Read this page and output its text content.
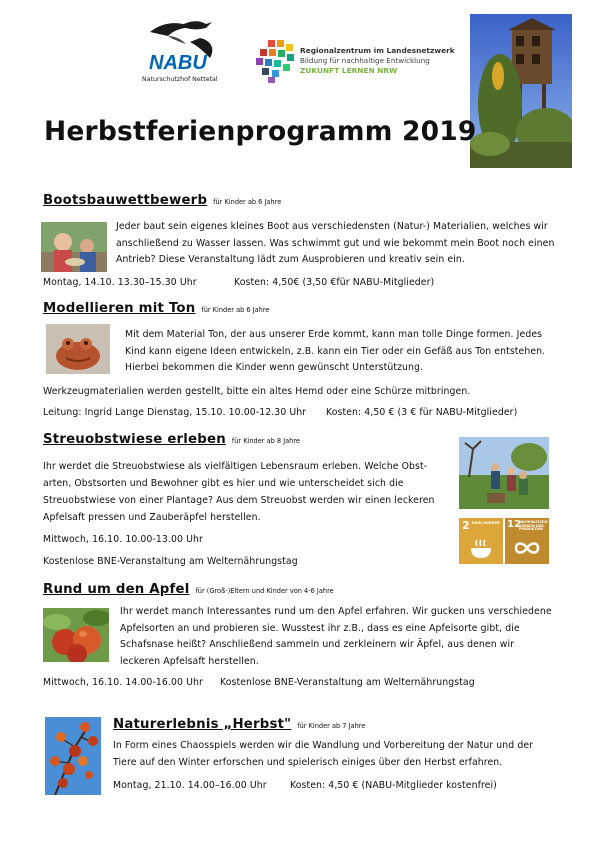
NABU
Naturschutzhof Nettetal
Regionalzentrum im Landesnetzwerk
Bildung für nachhaltige Entwicklung
ZUKUNFT LERNEN NRW
Herbstferienprogramm 2019
Bootsbauwettbewerb für Kinder ab 6 Jahre
Jeder baut sein eigenes kleines Boot aus verschiedensten (Natur-) Materialien, welches wir anschließend zu Wasser lassen. Was schwimmt gut und wie bekommt mein Boot noch einen Antrieb? Diese Veranstaltung lädt zum Ausprobieren und kreativ sein ein.
Montag, 14.10. 13.30–15.30 Uhr	Kosten: 4,50€ (3,50 €für NABU-Mitglieder)
Modellieren mit Ton für Kinder ab 6 Jahre
Mit dem Material Ton, der aus unserer Erde kommt, kann man tolle Dinge formen. Jedes Kind kann eigene Ideen entwickeln, z.B. kann ein Tier oder ein Gefäß aus Ton entstehen. Hierbei bekommen die Kinder wenn gewünscht Unterstützung.
Werkzeugmaterialien werden gestellt, bitte ein altes Hemd oder eine Schürze mitbringen.
Leitung: Ingrid Lange Dienstag, 15.10. 10.00-12.30 Uhr Kosten: 4,50 € (3 € für NABU-Mitglieder)
Streuobstwiese erleben für Kinder ab 8 Jahre
Ihr werdet die Streuobstwiese als vielfältigen Lebensraum erleben. Welche Obst-
arten, Obstsorten und Bewohner gibt es hier und wie unterscheidet sich die
Streuobstwiese von einer Plantage? Aus dem Streuobst werden wir einen leckeren
Apfelsaft pressen und Zauberäpfel herstellen.
Mittwoch, 16.10. 10.00-13.00 Uhr
Kostenlose BNE-Veranstaltung am Welternährungstag
2 KEIN HUNGER 12
NACHHALTIGE/R KONSUM UND PRODUKTION
Rund um den Apfel für (Groß-)Eltern und Kinder von 4-6 Jahre
Ihr werdet manch Interessantes rund um den Apfel erfahren. Wir gucken uns verschiedene Apfelsorten an und probieren sie. Wusstest ihr z.B., dass es eine Apfelsorte gibt, die Schafsnase heißt? Anschließend sammeln und zerkleinern wir Äpfel, aus denen wir leckeren Apfelsaft herstellen.
Mittwoch, 16.10. 14.00-16.00 Uhr Kostenlose BNE-Veranstaltung am Welternährungstag
Naturerlebnis „Herbst" für Kinder ab 7 Jahre
In Form eines Chaosspiels werden wir die Wandlung und Vorbereitung der Natur und der Tiere auf den Winter erforschen und spielerisch einiges über den Herbst erfahren.
Montag, 21.10. 14.00–16.00 Uhr	Kosten: 4,50 € (NABU-Mitglieder kostenfrei)
